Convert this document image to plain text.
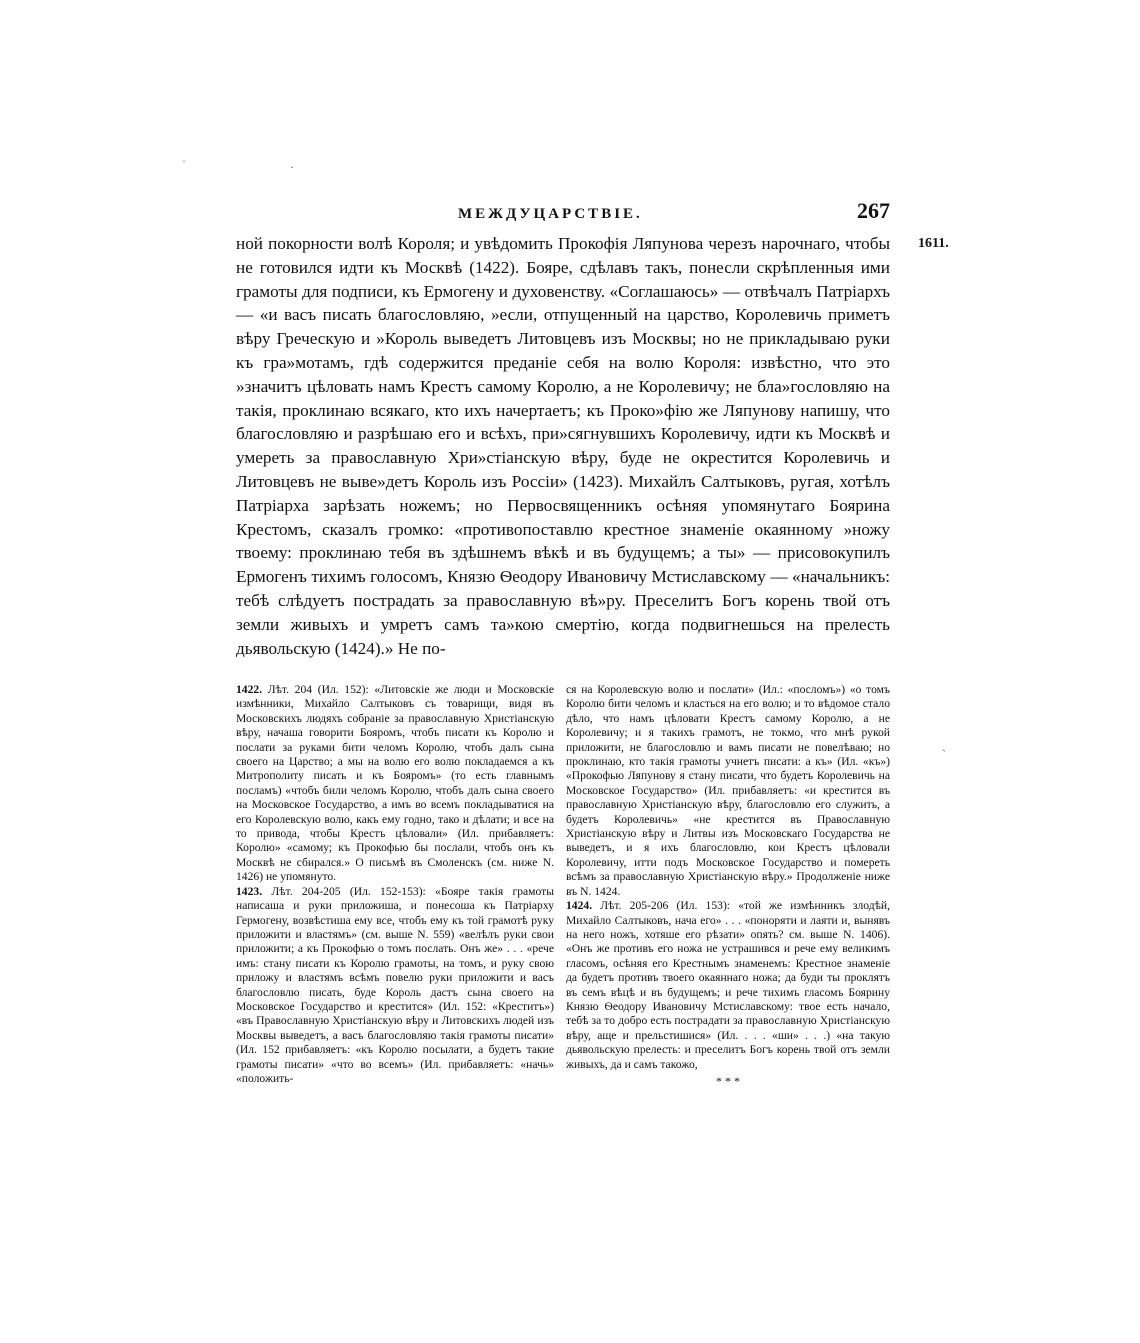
ˈ	·
ˏ
МЕЖДУЦАРСТВІЕ.	267
1611.

ной покорности волѣ Короля; и увѣдомить Прокофія Ляпунова черезъ нарочнаго, чтобы не готовился идти къ Москвѣ (1422). Бояре, сдѣлавъ такъ, понесли скрѣпленныя ими грамоты для подписи, къ Ермогену и духовенству. «Соглашаюсь» — отвѣчалъ Патріархъ — «и васъ писать благословляю, »если, отпущенный на царство, Королевичь приметъ вѣру Греческую и »Король выведетъ Литовцевъ изъ Москвы; но не прикладываю руки къ гра»мотамъ, гдѣ содержится преданіе себя на волю Короля: извѣстно, что это »значитъ цѣловать намъ Крестъ самому Королю, а не Королевичу; не бла»гословляю на такія, проклинаю всякаго, кто ихъ начертаетъ; къ Проко»фію же Ляпунову напишу, что благословляю и разрѣшаю его и всѣхъ, при»сягнувшихъ Королевичу, идти къ Москвѣ и умереть за православную Хри»стіанскую вѣру, буде не окрестится Королевичь и Литовцевъ не выве»детъ Король изъ Россіи» (1423). Михайлъ Салтыковъ, ругая, хотѣлъ Патріарха зарѣзать ножемъ; но Первосвященникъ осѣняя упомянутаго Боярина Крестомъ, сказалъ громко: «противопоставлю крестное знаменіе окаянному »ножу твоему: проклинаю тебя въ здѣшнемъ вѣкѣ и въ будущемъ; а ты» — присовокупилъ Ермогенъ тихимъ голосомъ, Князю Ѳеодору Ивановичу Мстиславскому — «начальникъ: тебѣ слѣдуетъ пострадать за православную вѣ»ру. Преселитъ Богъ корень твой отъ земли живыхъ и умретъ самъ та»кою смертію, когда подвигнешься на прелесть дьявольскую (1424).» Не по-

1422. Лѣт. 204 (Ил. 152): «Литовскіе же люди и Московскіе измѣнники, Михайло Салтыковъ съ товарищи, видя въ Московскихъ людяхъ собраніе за православную Христіанскую вѣру, начаша говорити Бояромъ, чтобъ писати къ Королю и послати за руками бити челомъ Королю, чтобъ далъ сына своего на Царство; а мы на волю его волю покладаемся а къ Митрополиту писать и къ Бояромъ» (то есть главнымъ посламъ) «чтобъ били челомъ Королю, чтобъ далъ сына своего на Московское Государство, а имъ во всемъ покладыватися на его Королевскую волю, какъ ему годно, тако и дѣлати; и все на то привода, чтобы Крестъ цѣловали» (Ил. прибавляетъ: Королю» «самому; къ Прокофью бы послали, чтобъ онъ къ Москвѣ не сбирался.» О письмѣ въ Смоленскъ (см. ниже N. 1426) не упомянуто.

1423. Лѣт. 204-205 (Ил. 152-153): «Бояре такія грамоты написаша и руки приложиша, и понесоша къ Патріарху Гермогену, возвѣстиша ему все, чтобъ ему къ той грамотѣ руку приложити и властямъ» (см. выше N. 559) «велѣлъ руки свои приложити; а къ Прокофью о томъ послать. Онъ же» . . . «рече имъ: стану писати къ Королю грамоты, на томъ, и руку свою приложу и властямъ всѣмъ повелю руки приложити и васъ благословлю писать, буде Король дастъ сына своего на Московское Государство и крестится» (Ил. 152: «Креститъ») «въ Православную Христіанскую вѣру и Литовскихъ людей изъ Москвы выведетъ, а васъ благословляю такія грамоты писати» (Ил. 152 прибавляетъ: «къ Королю посылати, а будетъ такие грамоты писати» «что во всемъ» (Ил. прибавляетъ: «начь» «положить-

ся на Королевскую волю и послати» (Ил.: «посломъ») «о томъ Королю бити челомъ и класться на его волю; и то вѣдомое стало дѣло, что намъ цѣловати Крестъ самому Королю, а не Королевичу; и я такихъ грамотъ, не токмо, что мнѣ рукой приложити, не благословлю и вамъ писати не повелѣваю; но проклинаю, кто такія грамоты учнетъ писати: а къ» (Ил. «къ») «Прокофью Ляпунову я стану писати, что будетъ Королевичь на Московское Государство» (Ил. прибавляетъ: «и крестится въ православную Христіанскую вѣру, благословлю его служить, а будетъ Королевичь» «не крестится въ Православную Христіанскую вѣру и Литвы изъ Московскаго Государства не выведетъ, и я ихъ благословлю, кои Крестъ цѣловали Королевичу, итти подъ Московское Государство и помереть всѣмъ за православную Христіанскую вѣру.» Продолженіе ниже въ N. 1424.

1424. Лѣт. 205-206 (Ил. 153): «той же измѣнникъ злодѣй, Михайло Салтыковъ, нача его» . . . «поноряти и лаяти и, вынявъ на него ножъ, хотяше его рѣзати» опять? см. выше N. 1406). «Онъ же противъ его ножа не устрашився и рече ему великимъ гласомъ, осѣняя его Крестнымъ знаменемъ: Крестное знаменіе да будетъ противъ твоего окаяннаго ножа; да буди ты проклятъ въ семъ вѣцѣ и въ будущемъ; и рече тихимъ гласомъ Боярину Князю Ѳеодору Ивановичу Мстиславскому: твое есть начало, тебѣ за то добро есть пострадати за православную Христіанскую вѣру, аще и прельстишися» (Ил. . . . «ши» . . .) «на такую дьявольскую прелесть: и преселитъ Богъ корень твой отъ земли живыхъ, да и самъ такожо,

* * *
